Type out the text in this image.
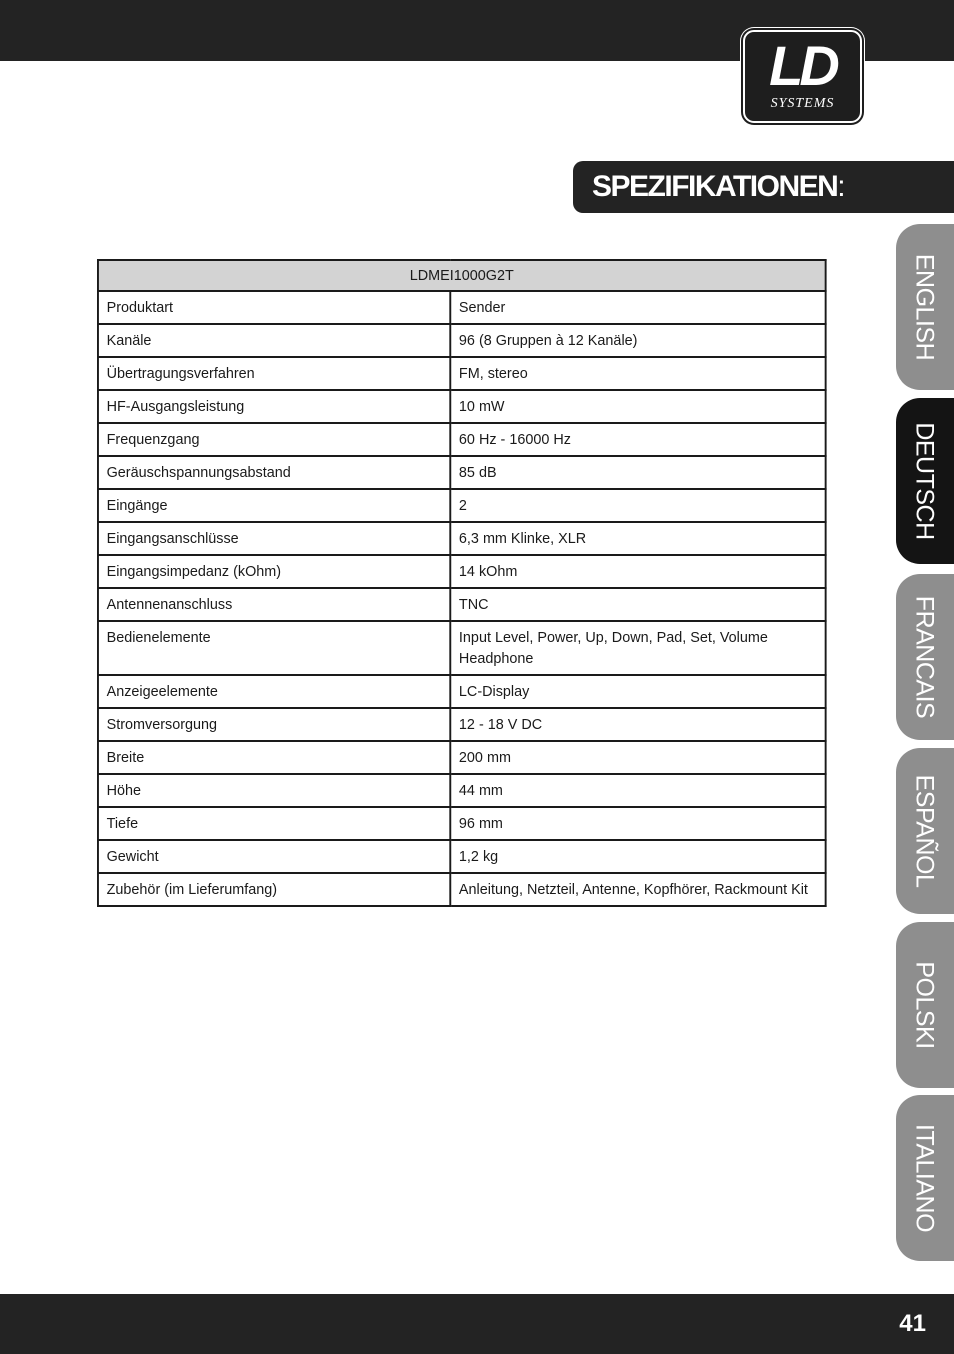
LD
SYSTEMS
SPEZIFIKATIONEN:
LDMEI1000G2T	
Produktart	Sender
Kanäle	96 (8 Gruppen à 12 Kanäle)
Übertragungsverfahren	FM, stereo
HF-Ausgangsleistung	10 mW
Frequenzgang	60 Hz - 16000 Hz
Geräuschspannungsabstand	85 dB
Eingänge	2
Eingangsanschlüsse	6,3 mm Klinke, XLR
Eingangsimpedanz (kOhm)	14 kOhm
Antennenanschluss	TNC
Bedienelemente	Input Level, Power, Up, Down, Pad, Set, Volume Headphone
Anzeigeelemente	LC-Display
Stromversorgung	12 - 18 V DC
Breite	200 mm
Höhe	44 mm
Tiefe	96 mm
Gewicht	1,2 kg
Zubehör (im Lieferumfang)	Anleitung, Netzteil, Antenne, Kopfhörer, Rackmount Kit
ENGLISH
DEUTSCH
FRANCAIS
ESPAÑOL
POLSKI
ITALIANO
41
